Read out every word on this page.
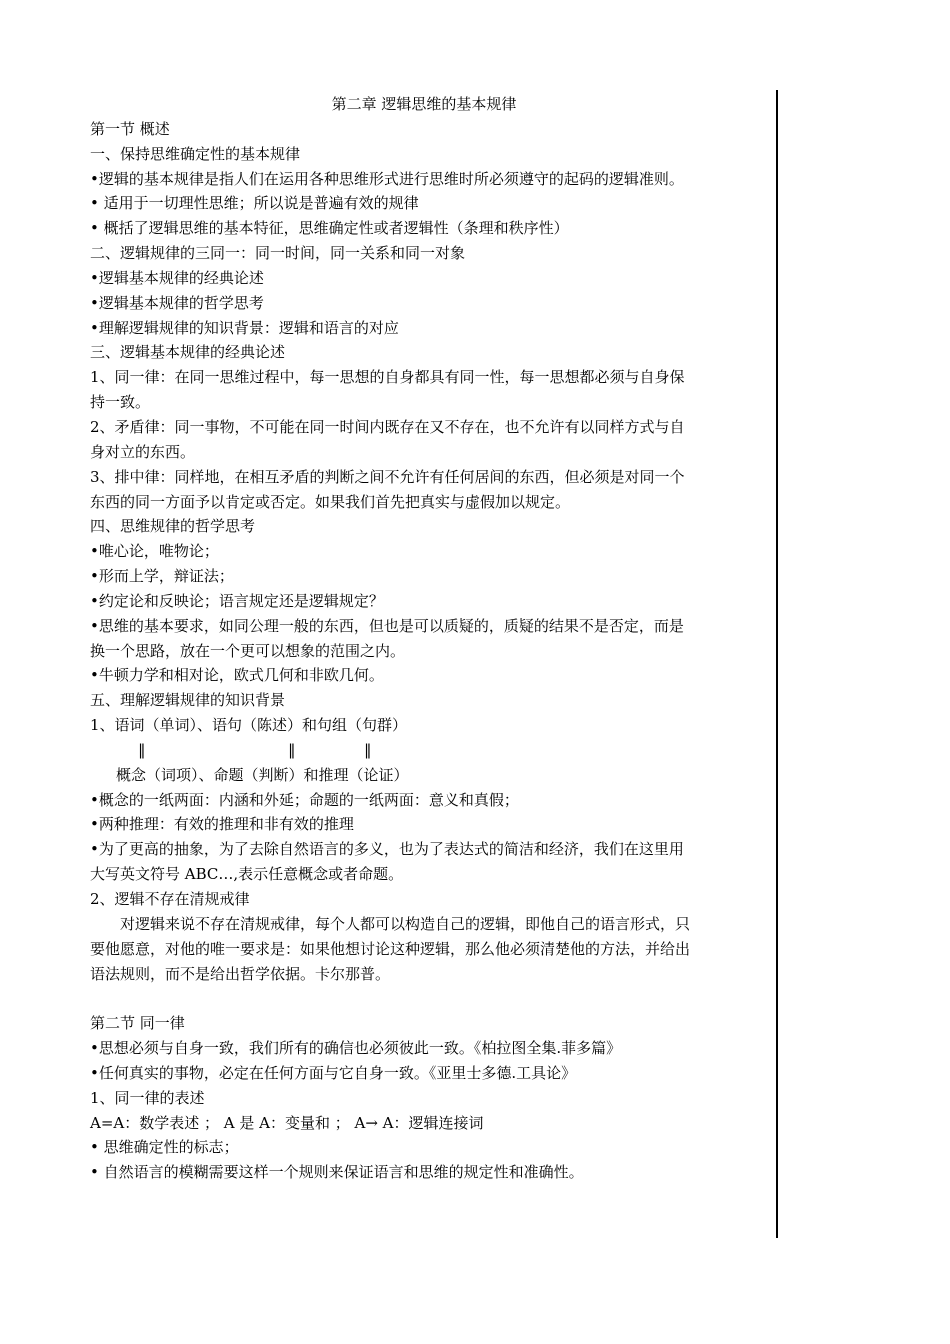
第二章 逻辑思维的基本规律
第一节 概述
一、保持思维确定性的基本规律
•逻辑的基本规律是指人们在运用各种思维形式进行思维时所必须遵守的起码的逻辑准则。
• 适用于一切理性思维；所以说是普遍有效的规律
• 概括了逻辑思维的基本特征，思维确定性或者逻辑性（条理和秩序性）
二、逻辑规律的三同一：同一时间，同一关系和同一对象
•逻辑基本规律的经典论述
•逻辑基本规律的哲学思考
•理解逻辑规律的知识背景：逻辑和语言的对应
三、逻辑基本规律的经典论述
1、同一律：在同一思维过程中，每一思想的自身都具有同一性，每一思想都必须与自身保
持一致。
2、矛盾律：同一事物，不可能在同一时间内既存在又不存在，也不允许有以同样方式与自
身对立的东西。
3、排中律：同样地，在相互矛盾的判断之间不允许有任何居间的东西，但必须是对同一个
东西的同一方面予以肯定或否定。如果我们首先把真实与虚假加以规定。
四、思维规律的哲学思考
•唯心论，唯物论；
•形而上学，辩证法；
•约定论和反映论；语言规定还是逻辑规定？
•思维的基本要求，如同公理一般的东西，但也是可以质疑的，质疑的结果不是否定，而是
换一个思路，放在一个更可以想象的范围之内。
•牛顿力学和相对论，欧式几何和非欧几何。
五、理解逻辑规律的知识背景
1、语词（单词）、语句（陈述）和句组（句群）
‖	‖	‖
概念（词项）、命题（判断）和推理（论证）
•概念的一纸两面：内涵和外延；命题的一纸两面：意义和真假；
•两种推理：有效的推理和非有效的推理
•为了更高的抽象，为了去除自然语言的多义，也为了表达式的简洁和经济，我们在这里用
大写英文符号 ABC…,表示任意概念或者命题。
2、逻辑不存在清规戒律
对逻辑来说不存在清规戒律，每个人都可以构造自己的逻辑，即他自己的语言形式，只
要他愿意，对他的唯一要求是：如果他想讨论这种逻辑，那么他必须清楚他的方法，并给出
语法规则，而不是给出哲学依据。卡尔那普。
第二节 同一律
•思想必须与自身一致，我们所有的确信也必须彼此一致。《柏拉图全集.菲多篇》
•任何真实的事物，必定在任何方面与它自身一致。《亚里士多德.工具论》
1、同一律的表述
A=A：数学表述 ； A 是 A：变量和 ； A→ A：逻辑连接词
• 思维确定性的标志；
• 自然语言的模糊需要这样一个规则来保证语言和思维的规定性和准确性。
